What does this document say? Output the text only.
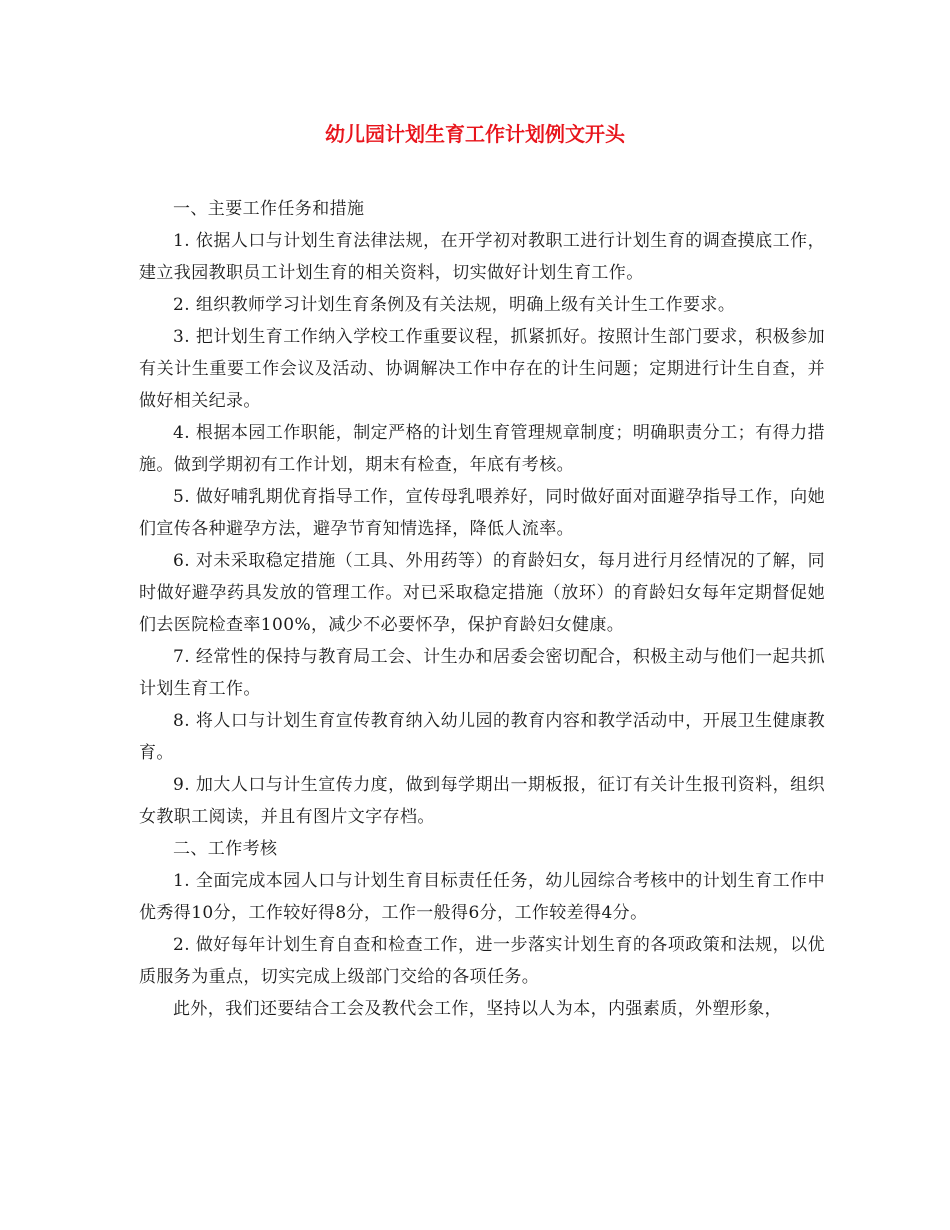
幼儿园计划生育工作计划例文开头

一、主要工作任务和措施

1. 依据人口与计划生育法律法规，在开学初对教职工进行计划生育的调查摸底工作，建立我园教职员工计划生育的相关资料，切实做好计划生育工作。

2. 组织教师学习计划生育条例及有关法规，明确上级有关计生工作要求。

3. 把计划生育工作纳入学校工作重要议程，抓紧抓好。按照计生部门要求，积极参加有关计生重要工作会议及活动、协调解决工作中存在的计生问题；定期进行计生自查，并做好相关纪录。

4. 根据本园工作职能，制定严格的计划生育管理规章制度；明确职责分工；有得力措施。做到学期初有工作计划，期末有检查，年底有考核。

5. 做好哺乳期优育指导工作，宣传母乳喂养好，同时做好面对面避孕指导工作，向她们宣传各种避孕方法，避孕节育知情选择，降低人流率。

6. 对未采取稳定措施（工具、外用药等）的育龄妇女，每月进行月经情况的了解，同时做好避孕药具发放的管理工作。对已采取稳定措施（放环）的育龄妇女每年定期督促她们去医院检查率100%，减少不必要怀孕，保护育龄妇女健康。

7. 经常性的保持与教育局工会、计生办和居委会密切配合，积极主动与他们一起共抓计划生育工作。

8. 将人口与计划生育宣传教育纳入幼儿园的教育内容和教学活动中，开展卫生健康教育。

9. 加大人口与计生宣传力度，做到每学期出一期板报，征订有关计生报刊资料，组织女教职工阅读，并且有图片文字存档。

二、工作考核

1. 全面完成本园人口与计划生育目标责任任务，幼儿园综合考核中的计划生育工作中优秀得10分，工作较好得8分，工作一般得6分，工作较差得4分。

2. 做好每年计划生育自查和检查工作，进一步落实计划生育的各项政策和法规，以优质服务为重点，切实完成上级部门交给的各项任务。

此外，我们还要结合工会及教代会工作，坚持以人为本，内强素质，外塑形象，
